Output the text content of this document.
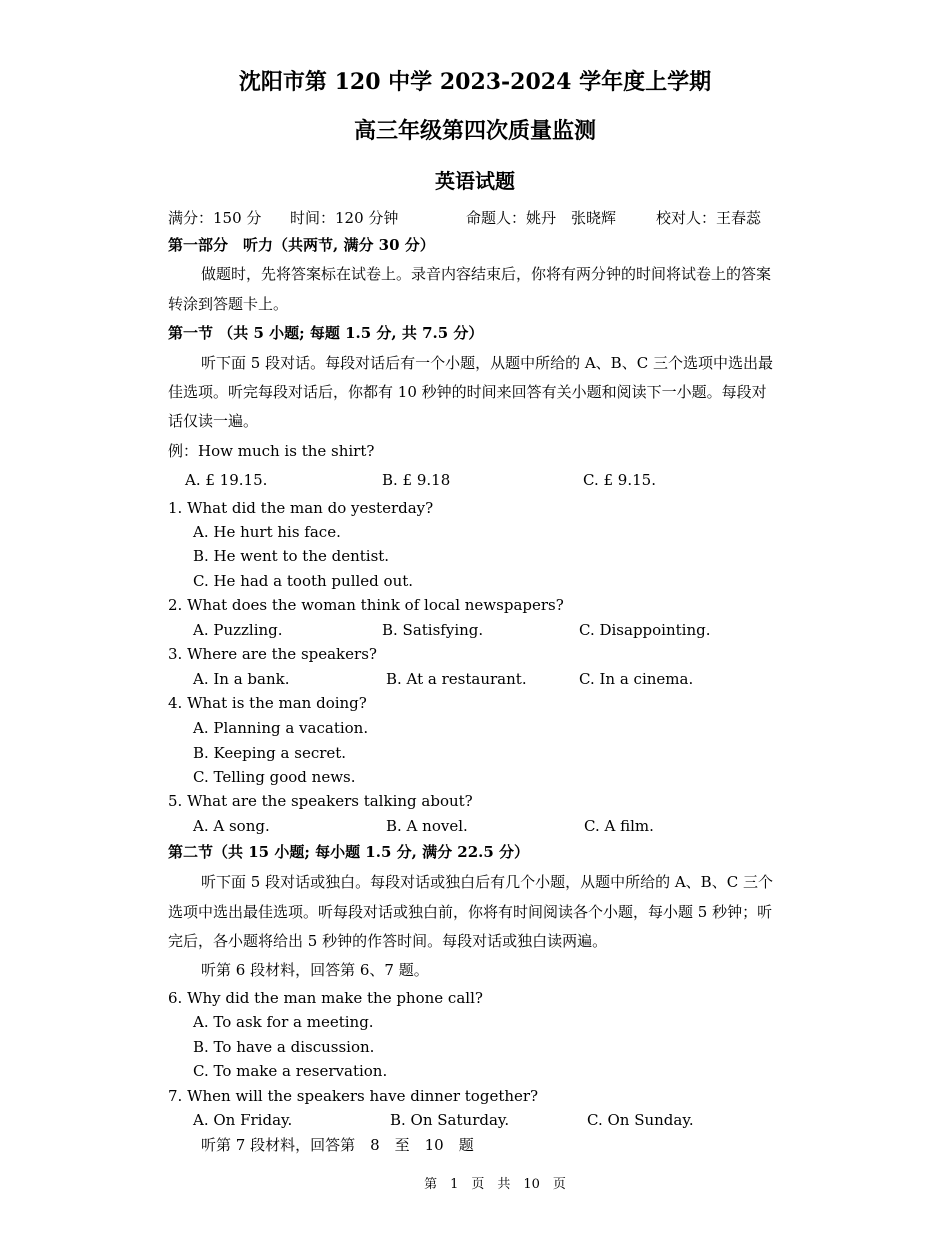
沈阳市第 120 中学 2023-2024 学年度上学期
高三年级第四次质量监测
英语试题
满分：150 分 时间：120 分钟	命题人：姚丹　张晓辉	校对人：王春蕊
第一部分　听力（共两节, 满分 30 分）
做题时，先将答案标在试卷上。录音内容结束后，你将有两分钟的时间将试卷上的答案
转涂到答题卡上。
第一节 （共 5 小题; 每题 1.5 分, 共 7.5 分）
听下面 5 段对话。每段对话后有一个小题，从题中所给的 A、B、C 三个选项中选出最
佳选项。听完每段对话后，你都有 10 秒钟的时间来回答有关小题和阅读下一小题。每段对
话仅读一遍。
例：How much is the shirt?
A. £ 19.15.	B. £ 9.18	C. £ 9.15.
1. What did the man do yesterday?
A. He hurt his face.
B. He went to the dentist.
C. He had a tooth pulled out.
2. What does the woman think of local newspapers?
A. Puzzling.	B. Satisfying.	C. Disappointing.
3. Where are the speakers?
A. In a bank.	B. At a restaurant.	C. In a cinema.
4. What is the man doing?
A. Planning a vacation.
B. Keeping a secret.
C. Telling good news.
5. What are the speakers talking about?
A. A song.	B. A novel.	C. A film.
第二节（共 15 小题; 每小题 1.5 分, 满分 22.5 分）
听下面 5 段对话或独白。每段对话或独白后有几个小题，从题中所给的 A、B、C 三个
选项中选出最佳选项。听每段对话或独白前，你将有时间阅读各个小题，每小题 5 秒钟；听
完后，各小题将给出 5 秒钟的作答时间。每段对话或独白读两遍。
听第 6 段材料，回答第 6、7 题。
6. Why did the man make the phone call?
A. To ask for a meeting.
B. To have a discussion.
C. To make a reservation.
7. When will the speakers have dinner together?
A. On Friday.	B. On Saturday.	C. On Sunday.
听第 7 段材料，回答第　8　至　10　题
第　1　页　共　10　页
